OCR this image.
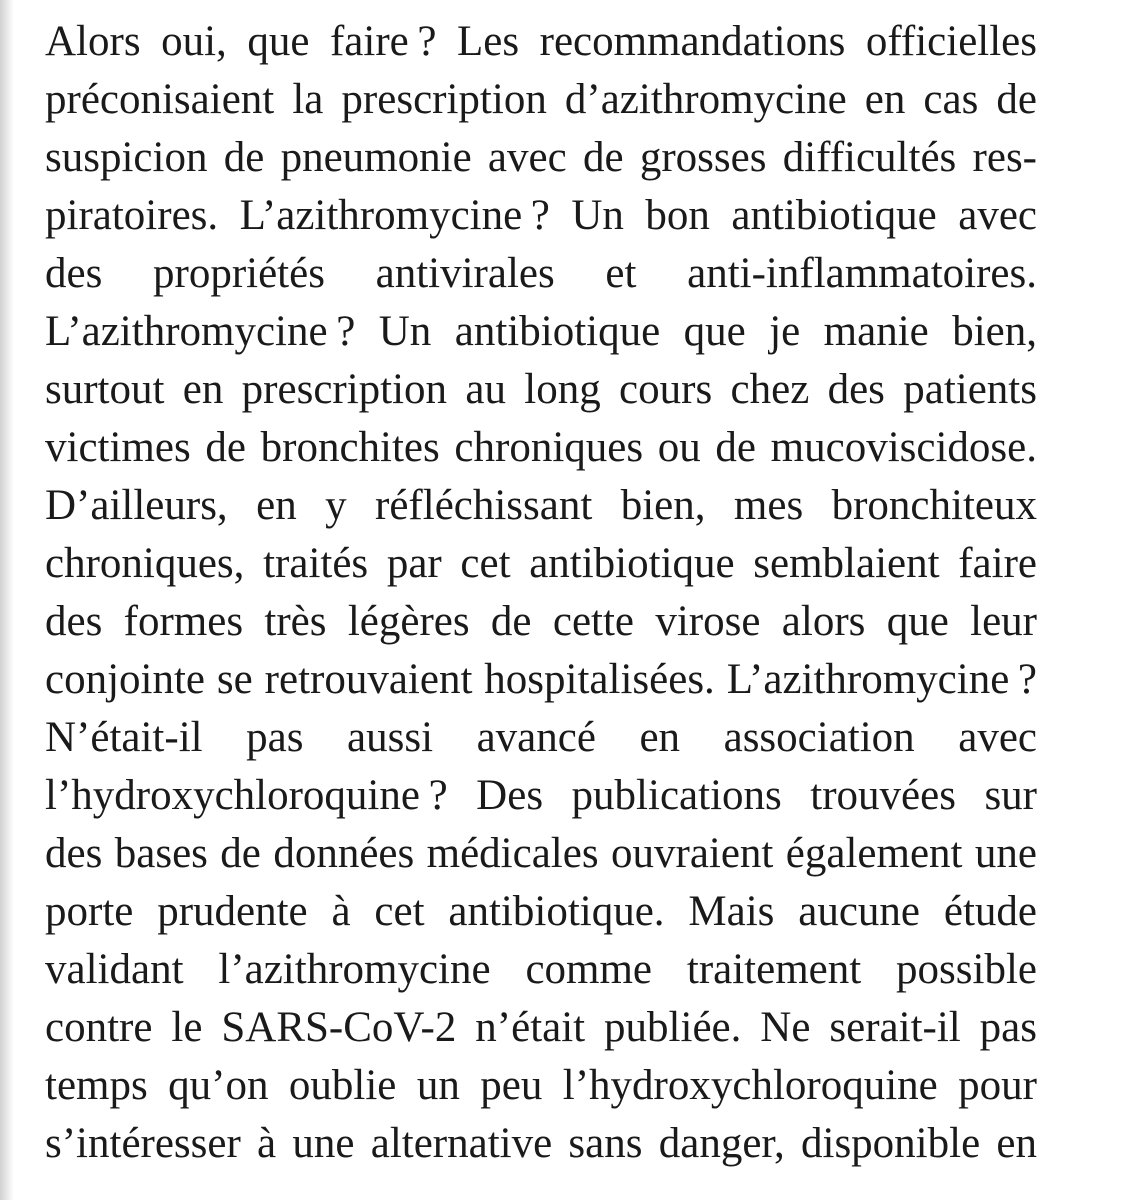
Alors oui, que faire ? Les recommandations officielles
préconisaient la prescription d’azithromycine en cas de
suspicion de pneumonie avec de grosses difficultés res-
piratoires. L’azithromycine ? Un bon antibiotique avec
des propriétés antivirales et anti-inflammatoires.
L’azithromycine ? Un antibiotique que je manie bien,
surtout en prescription au long cours chez des patients
victimes de bronchites chroniques ou de mucoviscidose.
D’ailleurs, en y réfléchissant bien, mes bronchiteux
chroniques, traités par cet antibiotique semblaient faire
des formes très légères de cette virose alors que leur
conjointe se retrouvaient hospitalisées. L’azithromycine ?
N’était-il pas aussi avancé en association avec
l’hydroxychloroquine ? Des publications trouvées sur
des bases de données médicales ouvraient également une
porte prudente à cet antibiotique. Mais aucune étude
validant l’azithromycine comme traitement possible
contre le SARS-CoV-2 n’était publiée. Ne serait-il pas
temps qu’on oublie un peu l’hydroxychloroquine pour
s’intéresser à une alternative sans danger, disponible en
